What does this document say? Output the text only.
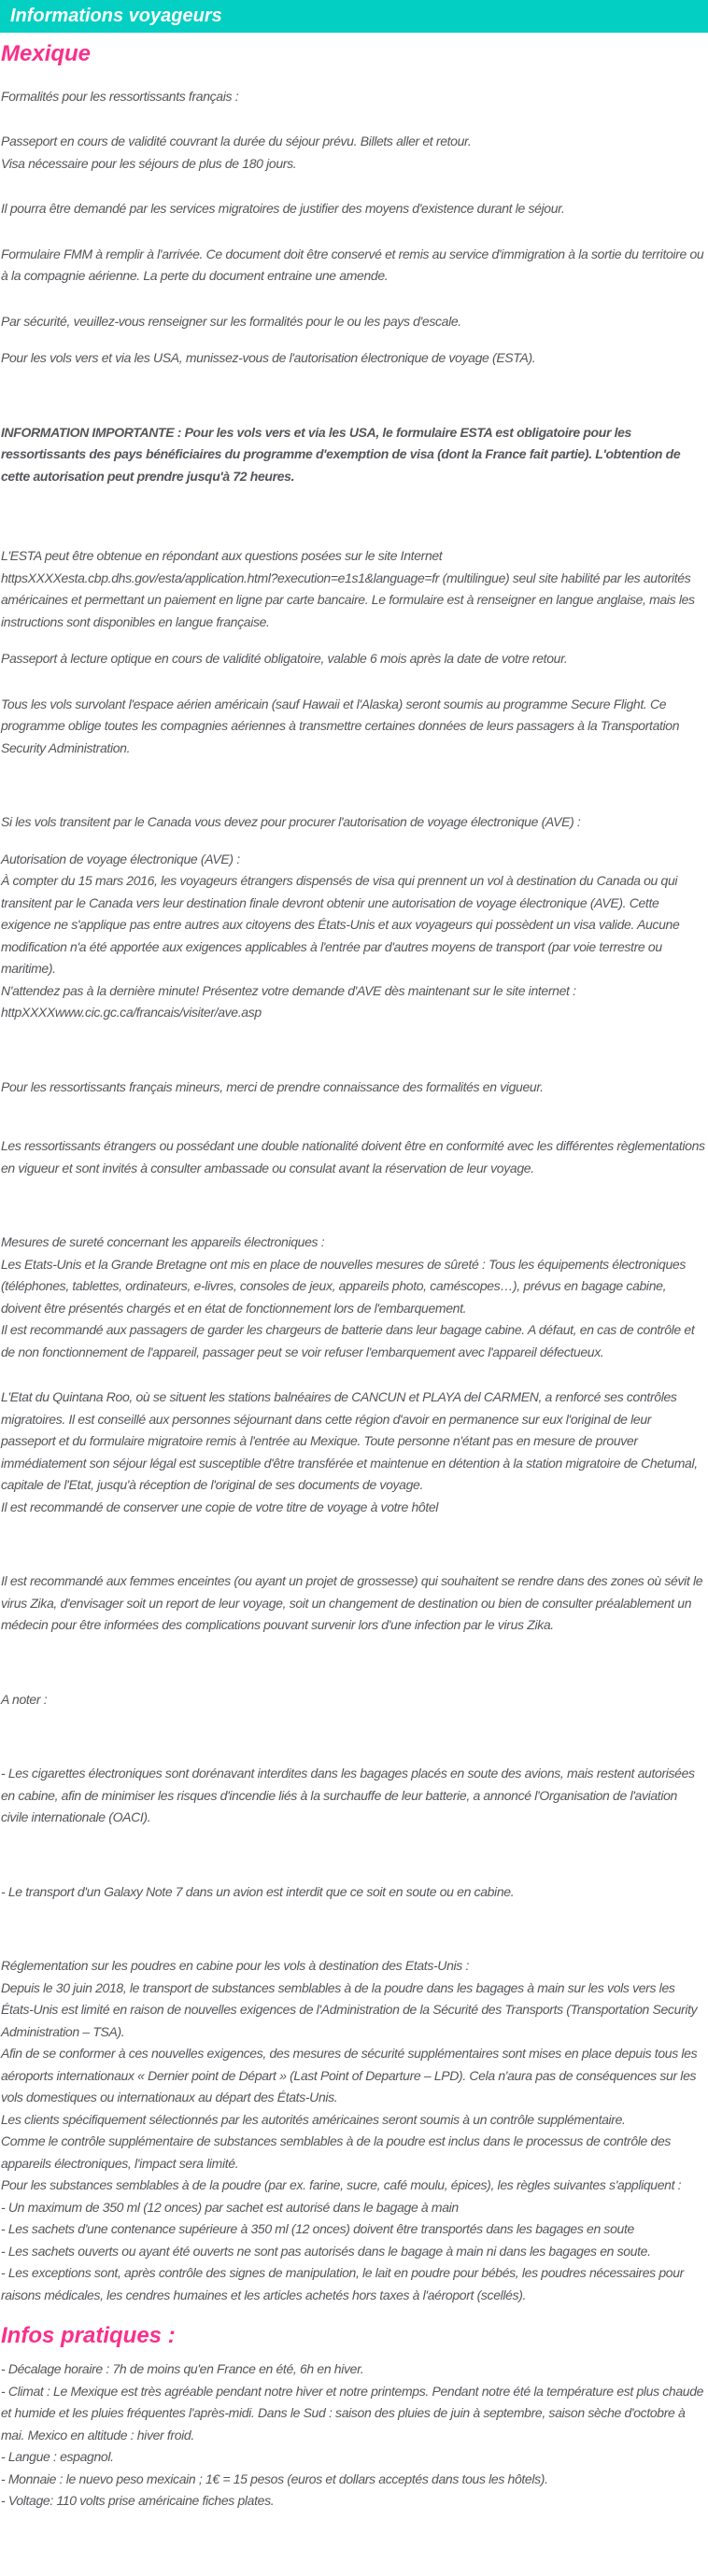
Informations voyageurs
Mexique

Formalités pour les ressortissants français :

Passeport en cours de validité couvrant la durée du séjour prévu. Billets aller et retour.
Visa nécessaire pour les séjours de plus de 180 jours.

Il pourra être demandé par les services migratoires de justifier des moyens d'existence durant le séjour.

Formulaire FMM à remplir à l'arrivée. Ce document doit être conservé et remis au service d'immigration à la sortie du territoire ou à la compagnie aérienne. La perte du document entraine une amende.

Par sécurité, veuillez-vous renseigner sur les formalités pour le ou les pays d'escale.

Pour les vols vers et via les USA, munissez-vous de l'autorisation électronique de voyage (ESTA).

INFORMATION IMPORTANTE : Pour les vols vers et via les USA, le formulaire ESTA est obligatoire pour les ressortissants des pays bénéficiaires du programme d'exemption de visa (dont la France fait partie). L'obtention de cette autorisation peut prendre jusqu'à 72 heures.

L'ESTA peut être obtenue en répondant aux questions posées sur le site Internet httpsXXXXesta.cbp.dhs.gov/esta/application.html?execution=e1s1&language=fr (multilingue) seul site habilité par les autorités américaines et permettant un paiement en ligne par carte bancaire. Le formulaire est à renseigner en langue anglaise, mais les instructions sont disponibles en langue française.

Passeport à lecture optique en cours de validité obligatoire, valable 6 mois après la date de votre retour.

Tous les vols survolant l'espace aérien américain (sauf Hawaii et l'Alaska) seront soumis au programme Secure Flight. Ce programme oblige toutes les compagnies aériennes à transmettre certaines données de leurs passagers à la Transportation Security Administration.

Si les vols transitent par le Canada vous devez pour procurer l'autorisation de voyage électronique (AVE) :

Autorisation de voyage électronique (AVE) :
À compter du 15 mars 2016, les voyageurs étrangers dispensés de visa qui prennent un vol à destination du Canada ou qui transitent par le Canada vers leur destination finale devront obtenir une autorisation de voyage électronique (AVE). Cette exigence ne s'applique pas entre autres aux citoyens des États-Unis et aux voyageurs qui possèdent un visa valide. Aucune modification n'a été apportée aux exigences applicables à l'entrée par d'autres moyens de transport (par voie terrestre ou maritime).
N'attendez pas à la dernière minute! Présentez votre demande d'AVE dès maintenant sur le site internet :
httpXXXXwww.cic.gc.ca/francais/visiter/ave.asp

Pour les ressortissants français mineurs, merci de prendre connaissance des formalités en vigueur.

Les ressortissants étrangers ou possédant une double nationalité doivent être en conformité avec les différentes règlementations en vigueur et sont invités à consulter ambassade ou consulat avant la réservation de leur voyage.

Mesures de sureté concernant les appareils électroniques :
Les Etats-Unis et la Grande Bretagne ont mis en place de nouvelles mesures de sûreté : Tous les équipements électroniques (téléphones, tablettes, ordinateurs, e-livres, consoles de jeux, appareils photo, caméscopes…), prévus en bagage cabine, doivent être présentés chargés et en état de fonctionnement lors de l'embarquement.
Il est recommandé aux passagers de garder les chargeurs de batterie dans leur bagage cabine. A défaut, en cas de contrôle et de non fonctionnement de l'appareil, passager peut se voir refuser l'embarquement avec l'appareil défectueux.

L'Etat du Quintana Roo, où se situent les stations balnéaires de CANCUN et PLAYA del CARMEN, a renforcé ses contrôles migratoires. Il est conseillé aux personnes séjournant dans cette région d'avoir en permanence sur eux l'original de leur passeport et du formulaire migratoire remis à l'entrée au Mexique. Toute personne n'étant pas en mesure de prouver immédiatement son séjour légal est susceptible d'être transférée et maintenue en détention à la station migratoire de Chetumal, capitale de l'Etat, jusqu'à réception de l'original de ses documents de voyage.
Il est recommandé de conserver une copie de votre titre de voyage à votre hôtel

Il est recommandé aux femmes enceintes (ou ayant un projet de grossesse) qui souhaitent se rendre dans des zones où sévit le virus Zika, d'envisager soit un report de leur voyage, soit un changement de destination ou bien de consulter préalablement un médecin pour être informées des complications pouvant survenir lors d'une infection par le virus Zika.

A noter :

- Les cigarettes électroniques sont dorénavant interdites dans les bagages placés en soute des avions, mais restent autorisées en cabine, afin de minimiser les risques d'incendie liés à la surchauffe de leur batterie, a annoncé l'Organisation de l'aviation civile internationale (OACI).

- Le transport d'un Galaxy Note 7 dans un avion est interdit que ce soit en soute ou en cabine.

Réglementation sur les poudres en cabine pour les vols à destination des Etats-Unis :
Depuis le 30 juin 2018, le transport de substances semblables à de la poudre dans les bagages à main sur les vols vers les États-Unis est limité en raison de nouvelles exigences de l'Administration de la Sécurité des Transports (Transportation Security Administration – TSA).
Afin de se conformer à ces nouvelles exigences, des mesures de sécurité supplémentaires sont mises en place depuis tous les aéroports internationaux « Dernier point de Départ » (Last Point of Departure – LPD). Cela n'aura pas de conséquences sur les vols domestiques ou internationaux au départ des États-Unis.
Les clients spécifiquement sélectionnés par les autorités américaines seront soumis à un contrôle supplémentaire.
Comme le contrôle supplémentaire de substances semblables à de la poudre est inclus dans le processus de contrôle des appareils électroniques, l'impact sera limité.
Pour les substances semblables à de la poudre (par ex. farine, sucre, café moulu, épices), les règles suivantes s'appliquent :
- Un maximum de 350 ml (12 onces) par sachet est autorisé dans le bagage à main
- Les sachets d'une contenance supérieure à 350 ml (12 onces) doivent être transportés dans les bagages en soute
- Les sachets ouverts ou ayant été ouverts ne sont pas autorisés dans le bagage à main ni dans les bagages en soute.
- Les exceptions sont, après contrôle des signes de manipulation, le lait en poudre pour bébés, les poudres nécessaires pour raisons médicales, les cendres humaines et les articles achetés hors taxes à l'aéroport (scellés).

Infos pratiques :
- Décalage horaire : 7h de moins qu'en France en été, 6h en hiver.
- Climat : Le Mexique est très agréable pendant notre hiver et notre printemps. Pendant notre été la température est plus chaude et humide et les pluies fréquentes l'après-midi. Dans le Sud : saison des pluies de juin à septembre, saison sèche d'octobre à mai. Mexico en altitude : hiver froid.
- Langue : espagnol.
- Monnaie : le nuevo peso mexicain ; 1€ = 15 pesos (euros et dollars acceptés dans tous les hôtels).
- Voltage: 110 volts prise américaine fiches plates.
